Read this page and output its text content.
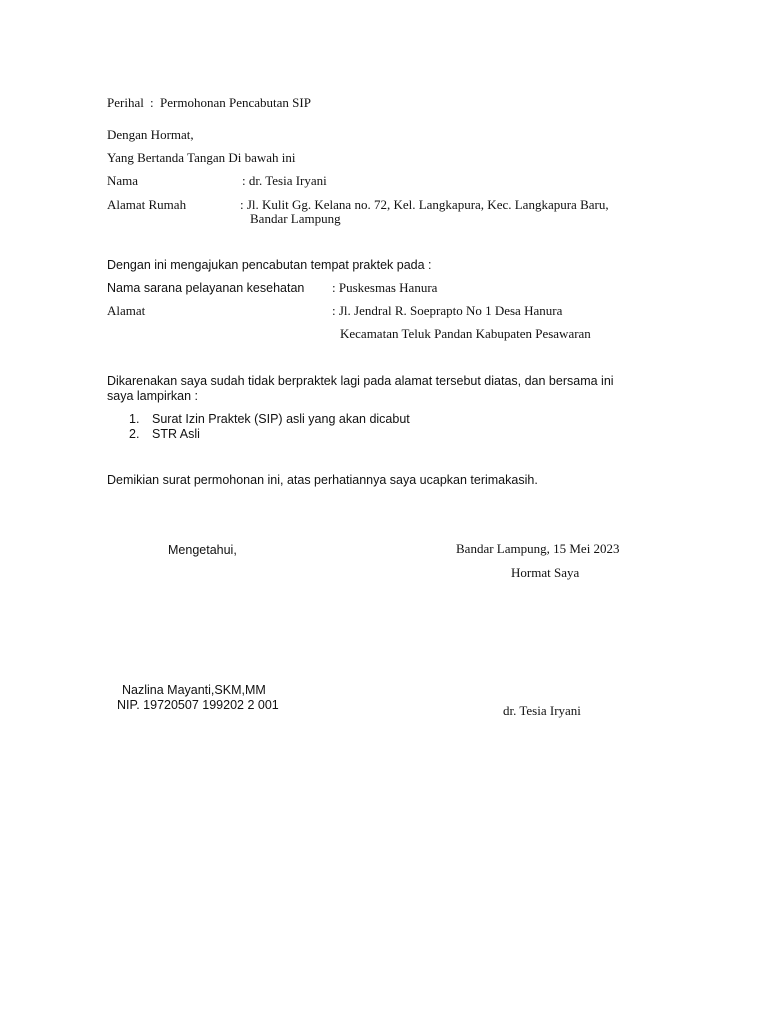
Perihal : Permohonan Pencabutan SIP
Dengan Hormat,
Yang Bertanda Tangan Di bawah ini
Nama	: dr. Tesia Iryani
Alamat Rumah	: Jl. Kulit Gg. Kelana no. 72, Kel. Langkapura, Kec. Langkapura Baru,
Bandar Lampung
Dengan ini mengajukan pencabutan tempat praktek pada :
Nama sarana pelayanan kesehatan : Puskesmas Hanura
Alamat	: Jl. Jendral R. Soeprapto No 1 Desa Hanura
Kecamatan Teluk Pandan Kabupaten Pesawaran
Dikarenakan saya sudah tidak berpraktek lagi pada alamat tersebut diatas, dan bersama ini
saya lampirkan :
1. Surat Izin Praktek (SIP) asli yang akan dicabut
2. STR Asli
Demikian surat permohonan ini, atas perhatiannya saya ucapkan terimakasih.
Mengetahui,
Nazlina Mayanti,SKM,MM
NIP. 19720507 199202 2 001
Bandar Lampung, 15 Mei 2023
Hormat Saya
dr. Tesia Iryani
